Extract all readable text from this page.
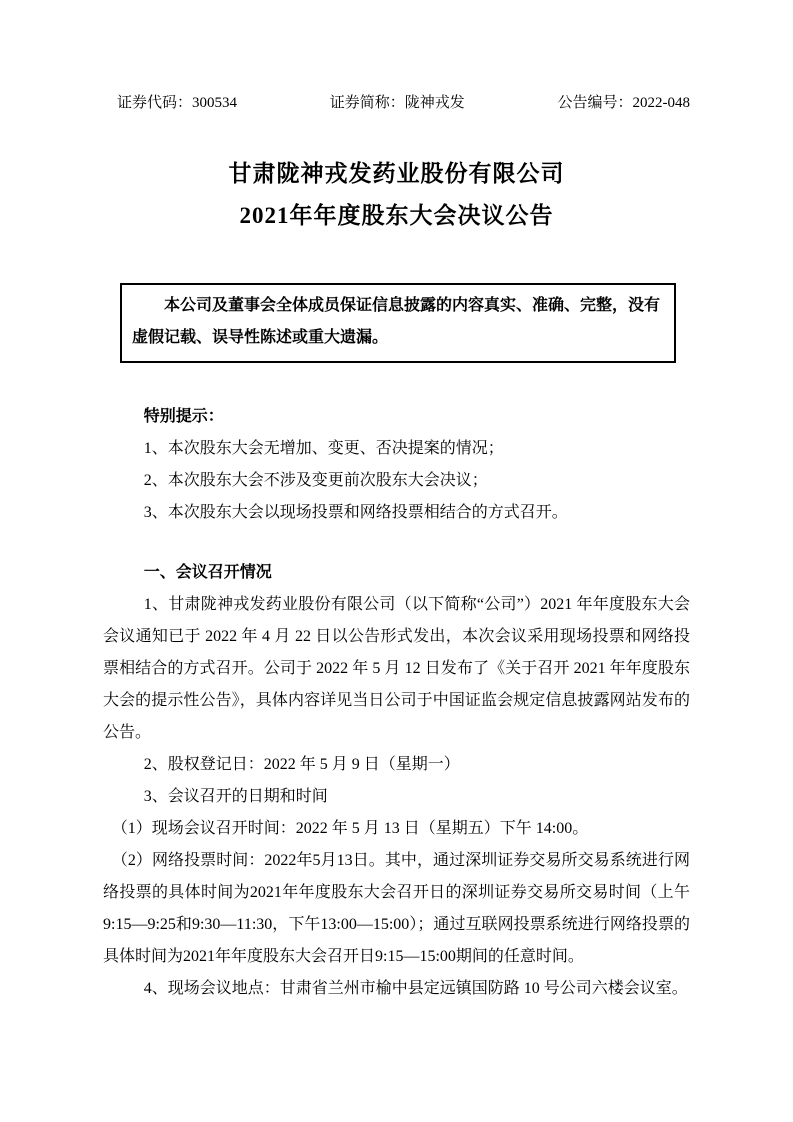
证券代码：300534	证券简称：陇神戎发	公告编号：2022-048
甘肃陇神戎发药业股份有限公司
2021年年度股东大会决议公告

本公司及董事会全体成员保证信息披露的内容真实、准确、完整，没有虚假记载、误导性陈述或重大遗漏。

特别提示：

1、本次股东大会无增加、变更、否决提案的情况；

2、本次股东大会不涉及变更前次股东大会决议；

3、本次股东大会以现场投票和网络投票相结合的方式召开。

一、会议召开情况

1、甘肃陇神戎发药业股份有限公司（以下简称“公司”）2021 年年度股东大会会议通知已于 2022 年 4 月 22 日以公告形式发出，本次会议采用现场投票和网络投票相结合的方式召开。公司于 2022 年 5 月 12 日发布了《关于召开 2021 年年度股东大会的提示性公告》，具体内容详见当日公司于中国证监会规定信息披露网站发布的公告。

2、股权登记日：2022 年 5 月 9 日（星期一）

3、会议召开的日期和时间

（1）现场会议召开时间：2022 年 5 月 13 日（星期五）下午 14:00。

（2）网络投票时间：2022年5月13日。其中，通过深圳证券交易所交易系统进行网络投票的具体时间为2021年年度股东大会召开日的深圳证券交易所交易时间（上午9:15—9:25和9:30—11:30，下午13:00—15:00）；通过互联网投票系统进行网络投票的具体时间为2021年年度股东大会召开日9:15—15:00期间的任意时间。

4、现场会议地点：甘肃省兰州市榆中县定远镇国防路 10 号公司六楼会议室。
